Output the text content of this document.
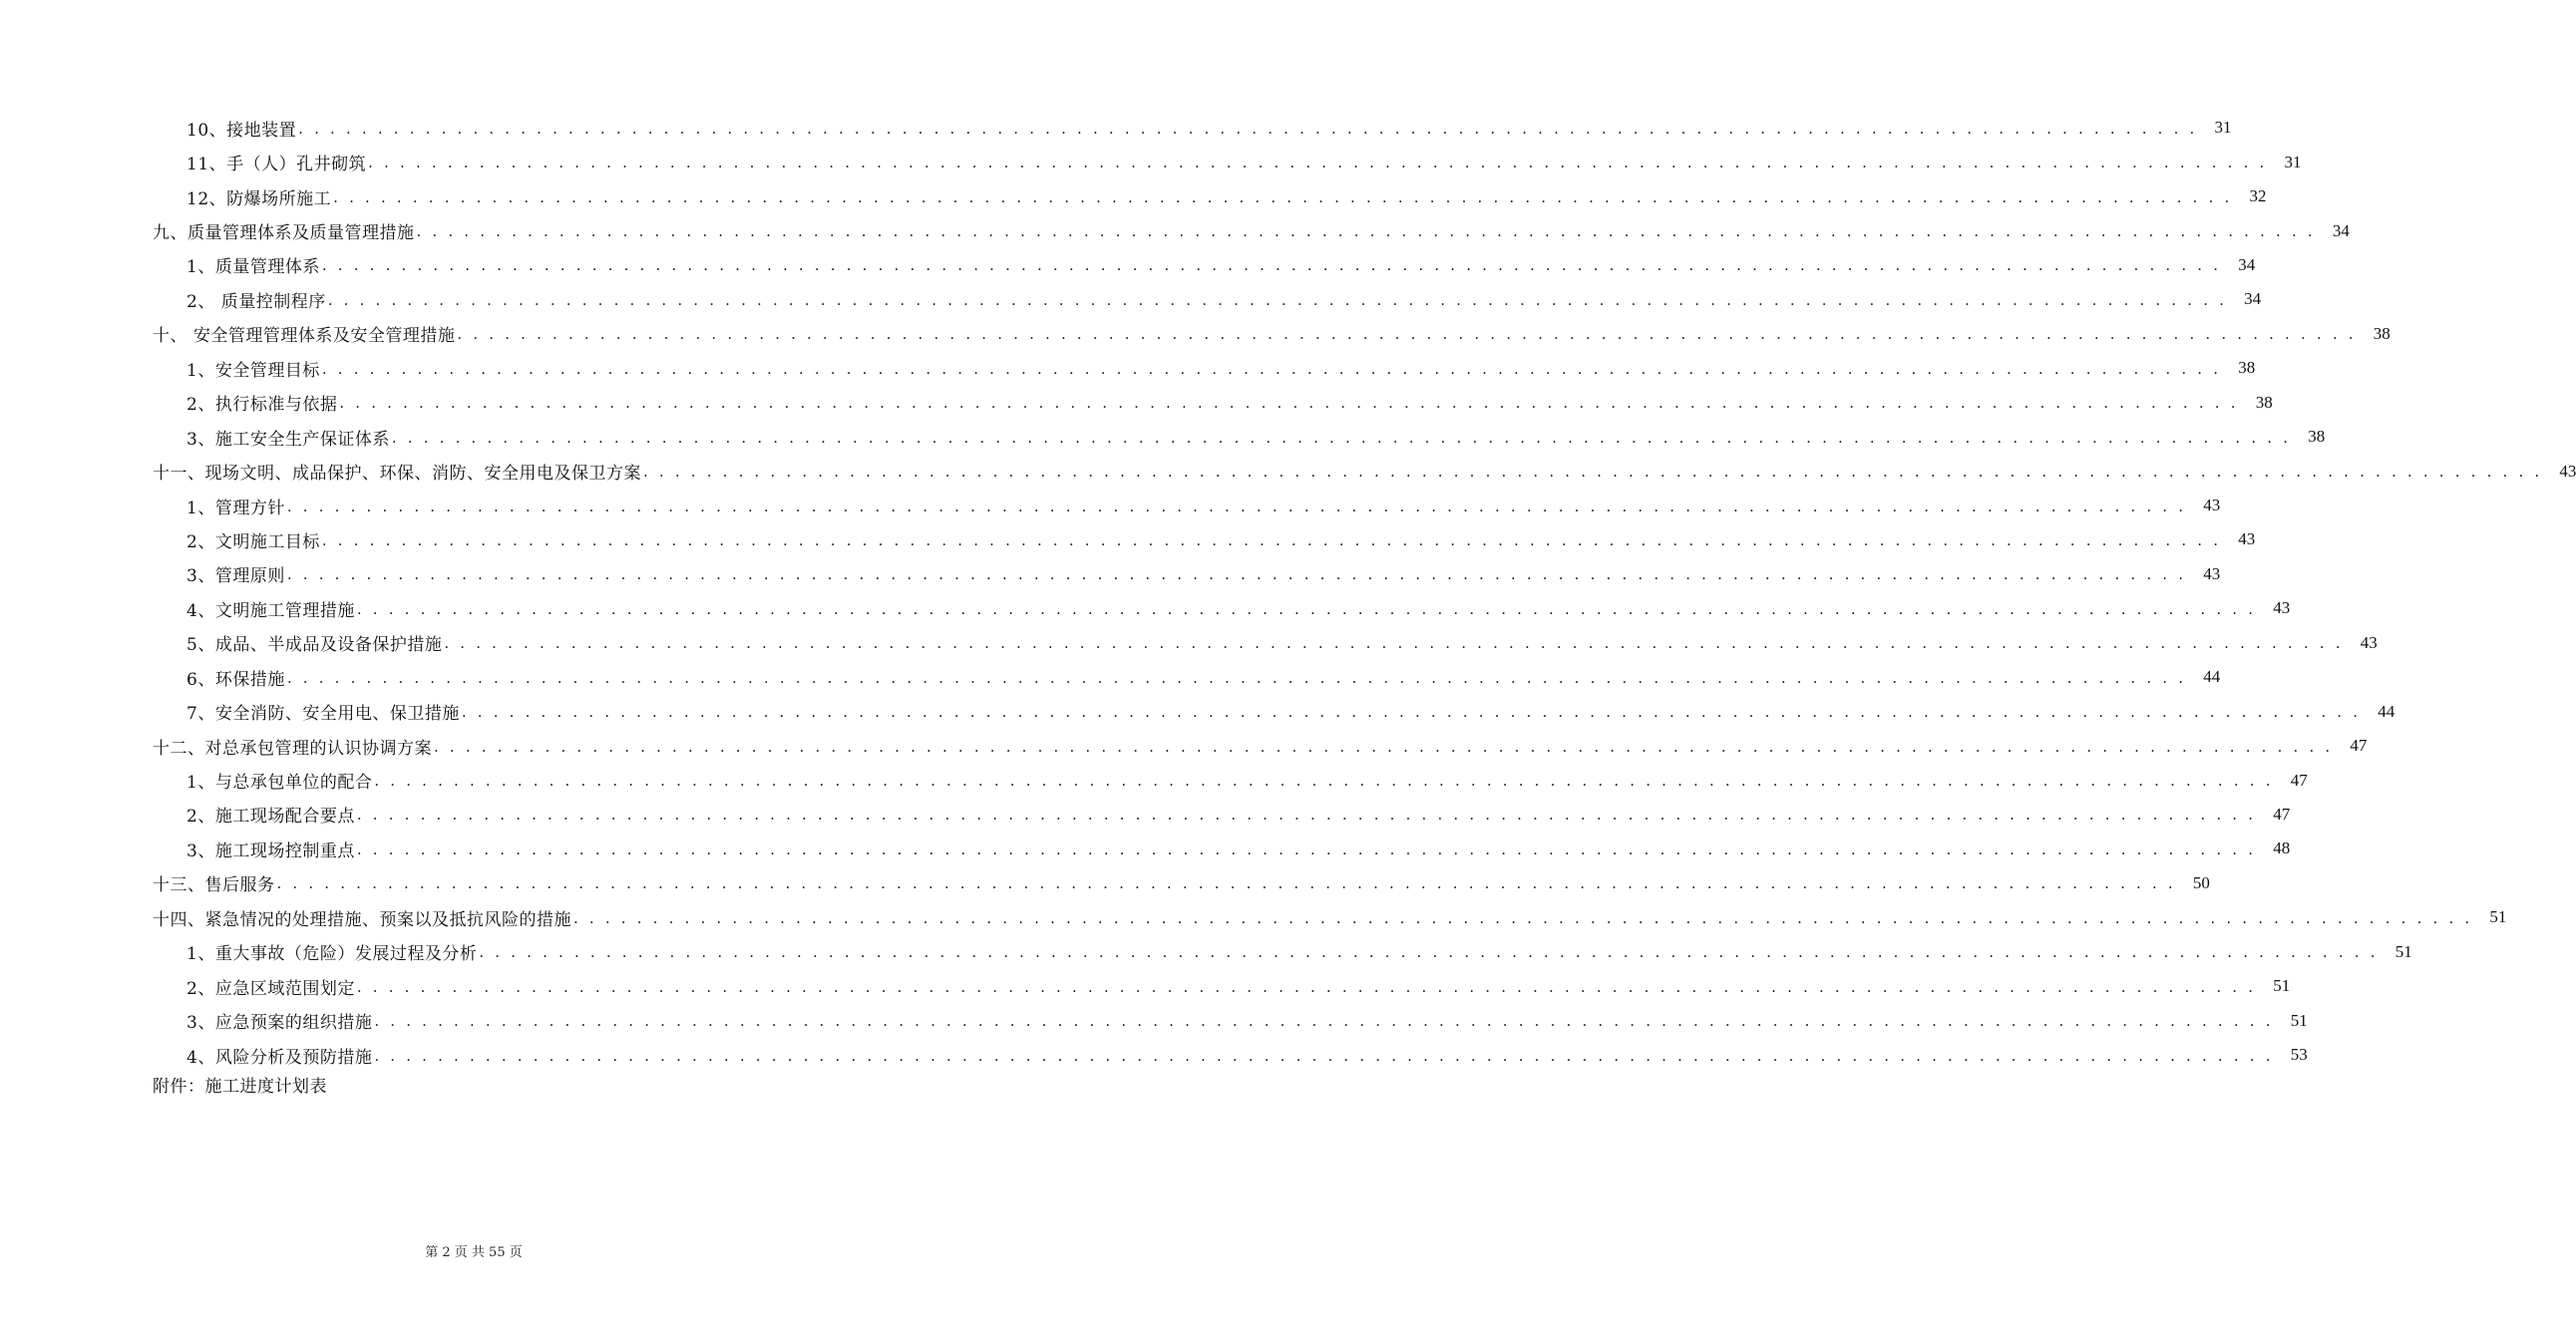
10、接地装置 . . . . . . . . . . . . . . . . . . . . . . . . . . . . . . . . . . . . . . . . . . . . . . . . . . . . . . . . . . . . . . . . . . . . . . . . . . . . . . . . . . . . . . . . . . . . . . . . . . . . . . . . . . . . . . . . . . . . . . . .	31
11、手（人）孔井砌筑 . . . . . . . . . . . . . . . . . . . . . . . . . . . . . . . . . . . . . . . . . . . . . . . . . . . . . . . . . . . . . . . . . . . . . . . . . . . . . . . . . . . . . . . . . . . . . . . . . . . . . . . . . . . . . . . . . . . . . . . .	31
12、防爆场所施工 . . . . . . . . . . . . . . . . . . . . . . . . . . . . . . . . . . . . . . . . . . . . . . . . . . . . . . . . . . . . . . . . . . . . . . . . . . . . . . . . . . . . . . . . . . . . . . . . . . . . . . . . . . . . . . . . . . . . . . . .	32
九、质量管理体系及质量管理措施 . . . . . . . . . . . . . . . . . . . . . . . . . . . . . . . . . . . . . . . . . . . . . . . . . . . . . . . . . . . . . . . . . . . . . . . . . . . . . . . . . . . . . . . . . . . . . . . . . . . . . . . . . . . . . . . . . . . . . . . .	34
1、质量管理体系 . . . . . . . . . . . . . . . . . . . . . . . . . . . . . . . . . . . . . . . . . . . . . . . . . . . . . . . . . . . . . . . . . . . . . . . . . . . . . . . . . . . . . . . . . . . . . . . . . . . . . . . . . . . . . . . . . . . . . . . .	34
2、 质量控制程序 . . . . . . . . . . . . . . . . . . . . . . . . . . . . . . . . . . . . . . . . . . . . . . . . . . . . . . . . . . . . . . . . . . . . . . . . . . . . . . . . . . . . . . . . . . . . . . . . . . . . . . . . . . . . . . . . . . . . . . . .	34
十、 安全管理管理体系及安全管理措施 . . . . . . . . . . . . . . . . . . . . . . . . . . . . . . . . . . . . . . . . . . . . . . . . . . . . . . . . . . . . . . . . . . . . . . . . . . . . . . . . . . . . . . . . . . . . . . . . . . . . . . . . . . . . . . . . . . . . . . . .	38
1、安全管理目标 . . . . . . . . . . . . . . . . . . . . . . . . . . . . . . . . . . . . . . . . . . . . . . . . . . . . . . . . . . . . . . . . . . . . . . . . . . . . . . . . . . . . . . . . . . . . . . . . . . . . . . . . . . . . . . . . . . . . . . . .	38
2、执行标准与依据 . . . . . . . . . . . . . . . . . . . . . . . . . . . . . . . . . . . . . . . . . . . . . . . . . . . . . . . . . . . . . . . . . . . . . . . . . . . . . . . . . . . . . . . . . . . . . . . . . . . . . . . . . . . . . . . . . . . . . . . .	38
3、施工安全生产保证体系 . . . . . . . . . . . . . . . . . . . . . . . . . . . . . . . . . . . . . . . . . . . . . . . . . . . . . . . . . . . . . . . . . . . . . . . . . . . . . . . . . . . . . . . . . . . . . . . . . . . . . . . . . . . . . . . . . . . . . . . .	38
十一、现场文明、成品保护、环保、消防、安全用电及保卫方案 . . . . . . . . . . . . . . . . . . . . . . . . . . . . . . . . . . . . . . . . . . . . . . . . . . . . . . . . . . . . . . . . . . . . . . . . . . . . . . . . . . . . . . . . . . . . . . . . . . . . . . . . . . . . . . . . . . . . . . . .	43
1、管理方针 . . . . . . . . . . . . . . . . . . . . . . . . . . . . . . . . . . . . . . . . . . . . . . . . . . . . . . . . . . . . . . . . . . . . . . . . . . . . . . . . . . . . . . . . . . . . . . . . . . . . . . . . . . . . . . . . . . . . . . . .	43
2、文明施工目标 . . . . . . . . . . . . . . . . . . . . . . . . . . . . . . . . . . . . . . . . . . . . . . . . . . . . . . . . . . . . . . . . . . . . . . . . . . . . . . . . . . . . . . . . . . . . . . . . . . . . . . . . . . . . . . . . . . . . . . . .	43
3、管理原则 . . . . . . . . . . . . . . . . . . . . . . . . . . . . . . . . . . . . . . . . . . . . . . . . . . . . . . . . . . . . . . . . . . . . . . . . . . . . . . . . . . . . . . . . . . . . . . . . . . . . . . . . . . . . . . . . . . . . . . . .	43
4、文明施工管理措施 . . . . . . . . . . . . . . . . . . . . . . . . . . . . . . . . . . . . . . . . . . . . . . . . . . . . . . . . . . . . . . . . . . . . . . . . . . . . . . . . . . . . . . . . . . . . . . . . . . . . . . . . . . . . . . . . . . . . . . . .	43
5、成品、半成品及设备保护措施 . . . . . . . . . . . . . . . . . . . . . . . . . . . . . . . . . . . . . . . . . . . . . . . . . . . . . . . . . . . . . . . . . . . . . . . . . . . . . . . . . . . . . . . . . . . . . . . . . . . . . . . . . . . . . . . . . . . . . . . .	43
6、环保措施 . . . . . . . . . . . . . . . . . . . . . . . . . . . . . . . . . . . . . . . . . . . . . . . . . . . . . . . . . . . . . . . . . . . . . . . . . . . . . . . . . . . . . . . . . . . . . . . . . . . . . . . . . . . . . . . . . . . . . . . .	44
7、安全消防、安全用电、保卫措施 . . . . . . . . . . . . . . . . . . . . . . . . . . . . . . . . . . . . . . . . . . . . . . . . . . . . . . . . . . . . . . . . . . . . . . . . . . . . . . . . . . . . . . . . . . . . . . . . . . . . . . . . . . . . . . . . . . . . . . . .	44
十二、对总承包管理的认识协调方案 . . . . . . . . . . . . . . . . . . . . . . . . . . . . . . . . . . . . . . . . . . . . . . . . . . . . . . . . . . . . . . . . . . . . . . . . . . . . . . . . . . . . . . . . . . . . . . . . . . . . . . . . . . . . . . . . . . . . . . . .	47
1、与总承包单位的配合 . . . . . . . . . . . . . . . . . . . . . . . . . . . . . . . . . . . . . . . . . . . . . . . . . . . . . . . . . . . . . . . . . . . . . . . . . . . . . . . . . . . . . . . . . . . . . . . . . . . . . . . . . . . . . . . . . . . . . . . .	47
2、施工现场配合要点 . . . . . . . . . . . . . . . . . . . . . . . . . . . . . . . . . . . . . . . . . . . . . . . . . . . . . . . . . . . . . . . . . . . . . . . . . . . . . . . . . . . . . . . . . . . . . . . . . . . . . . . . . . . . . . . . . . . . . . . .	47
3、施工现场控制重点 . . . . . . . . . . . . . . . . . . . . . . . . . . . . . . . . . . . . . . . . . . . . . . . . . . . . . . . . . . . . . . . . . . . . . . . . . . . . . . . . . . . . . . . . . . . . . . . . . . . . . . . . . . . . . . . . . . . . . . . .	48
十三、售后服务 . . . . . . . . . . . . . . . . . . . . . . . . . . . . . . . . . . . . . . . . . . . . . . . . . . . . . . . . . . . . . . . . . . . . . . . . . . . . . . . . . . . . . . . . . . . . . . . . . . . . . . . . . . . . . . . . . . . . . . . .	50
十四、紧急情况的处理措施、预案以及抵抗风险的措施 . . . . . . . . . . . . . . . . . . . . . . . . . . . . . . . . . . . . . . . . . . . . . . . . . . . . . . . . . . . . . . . . . . . . . . . . . . . . . . . . . . . . . . . . . . . . . . . . . . . . . . . . . . . . . . . . . . . . . . . .	51
1、重大事故（危险）发展过程及分析 . . . . . . . . . . . . . . . . . . . . . . . . . . . . . . . . . . . . . . . . . . . . . . . . . . . . . . . . . . . . . . . . . . . . . . . . . . . . . . . . . . . . . . . . . . . . . . . . . . . . . . . . . . . . . . . . . . . . . . . .	51
2、应急区域范围划定 . . . . . . . . . . . . . . . . . . . . . . . . . . . . . . . . . . . . . . . . . . . . . . . . . . . . . . . . . . . . . . . . . . . . . . . . . . . . . . . . . . . . . . . . . . . . . . . . . . . . . . . . . . . . . . . . . . . . . . . .	51
3、应急预案的组织措施 . . . . . . . . . . . . . . . . . . . . . . . . . . . . . . . . . . . . . . . . . . . . . . . . . . . . . . . . . . . . . . . . . . . . . . . . . . . . . . . . . . . . . . . . . . . . . . . . . . . . . . . . . . . . . . . . . . . . . . . .	51
4、风险分析及预防措施 . . . . . . . . . . . . . . . . . . . . . . . . . . . . . . . . . . . . . . . . . . . . . . . . . . . . . . . . . . . . . . . . . . . . . . . . . . . . . . . . . . . . . . . . . . . . . . . . . . . . . . . . . . . . . . . . . . . . . . . .	53
附件：施工进度计划表
第 2 页 共 55 页
